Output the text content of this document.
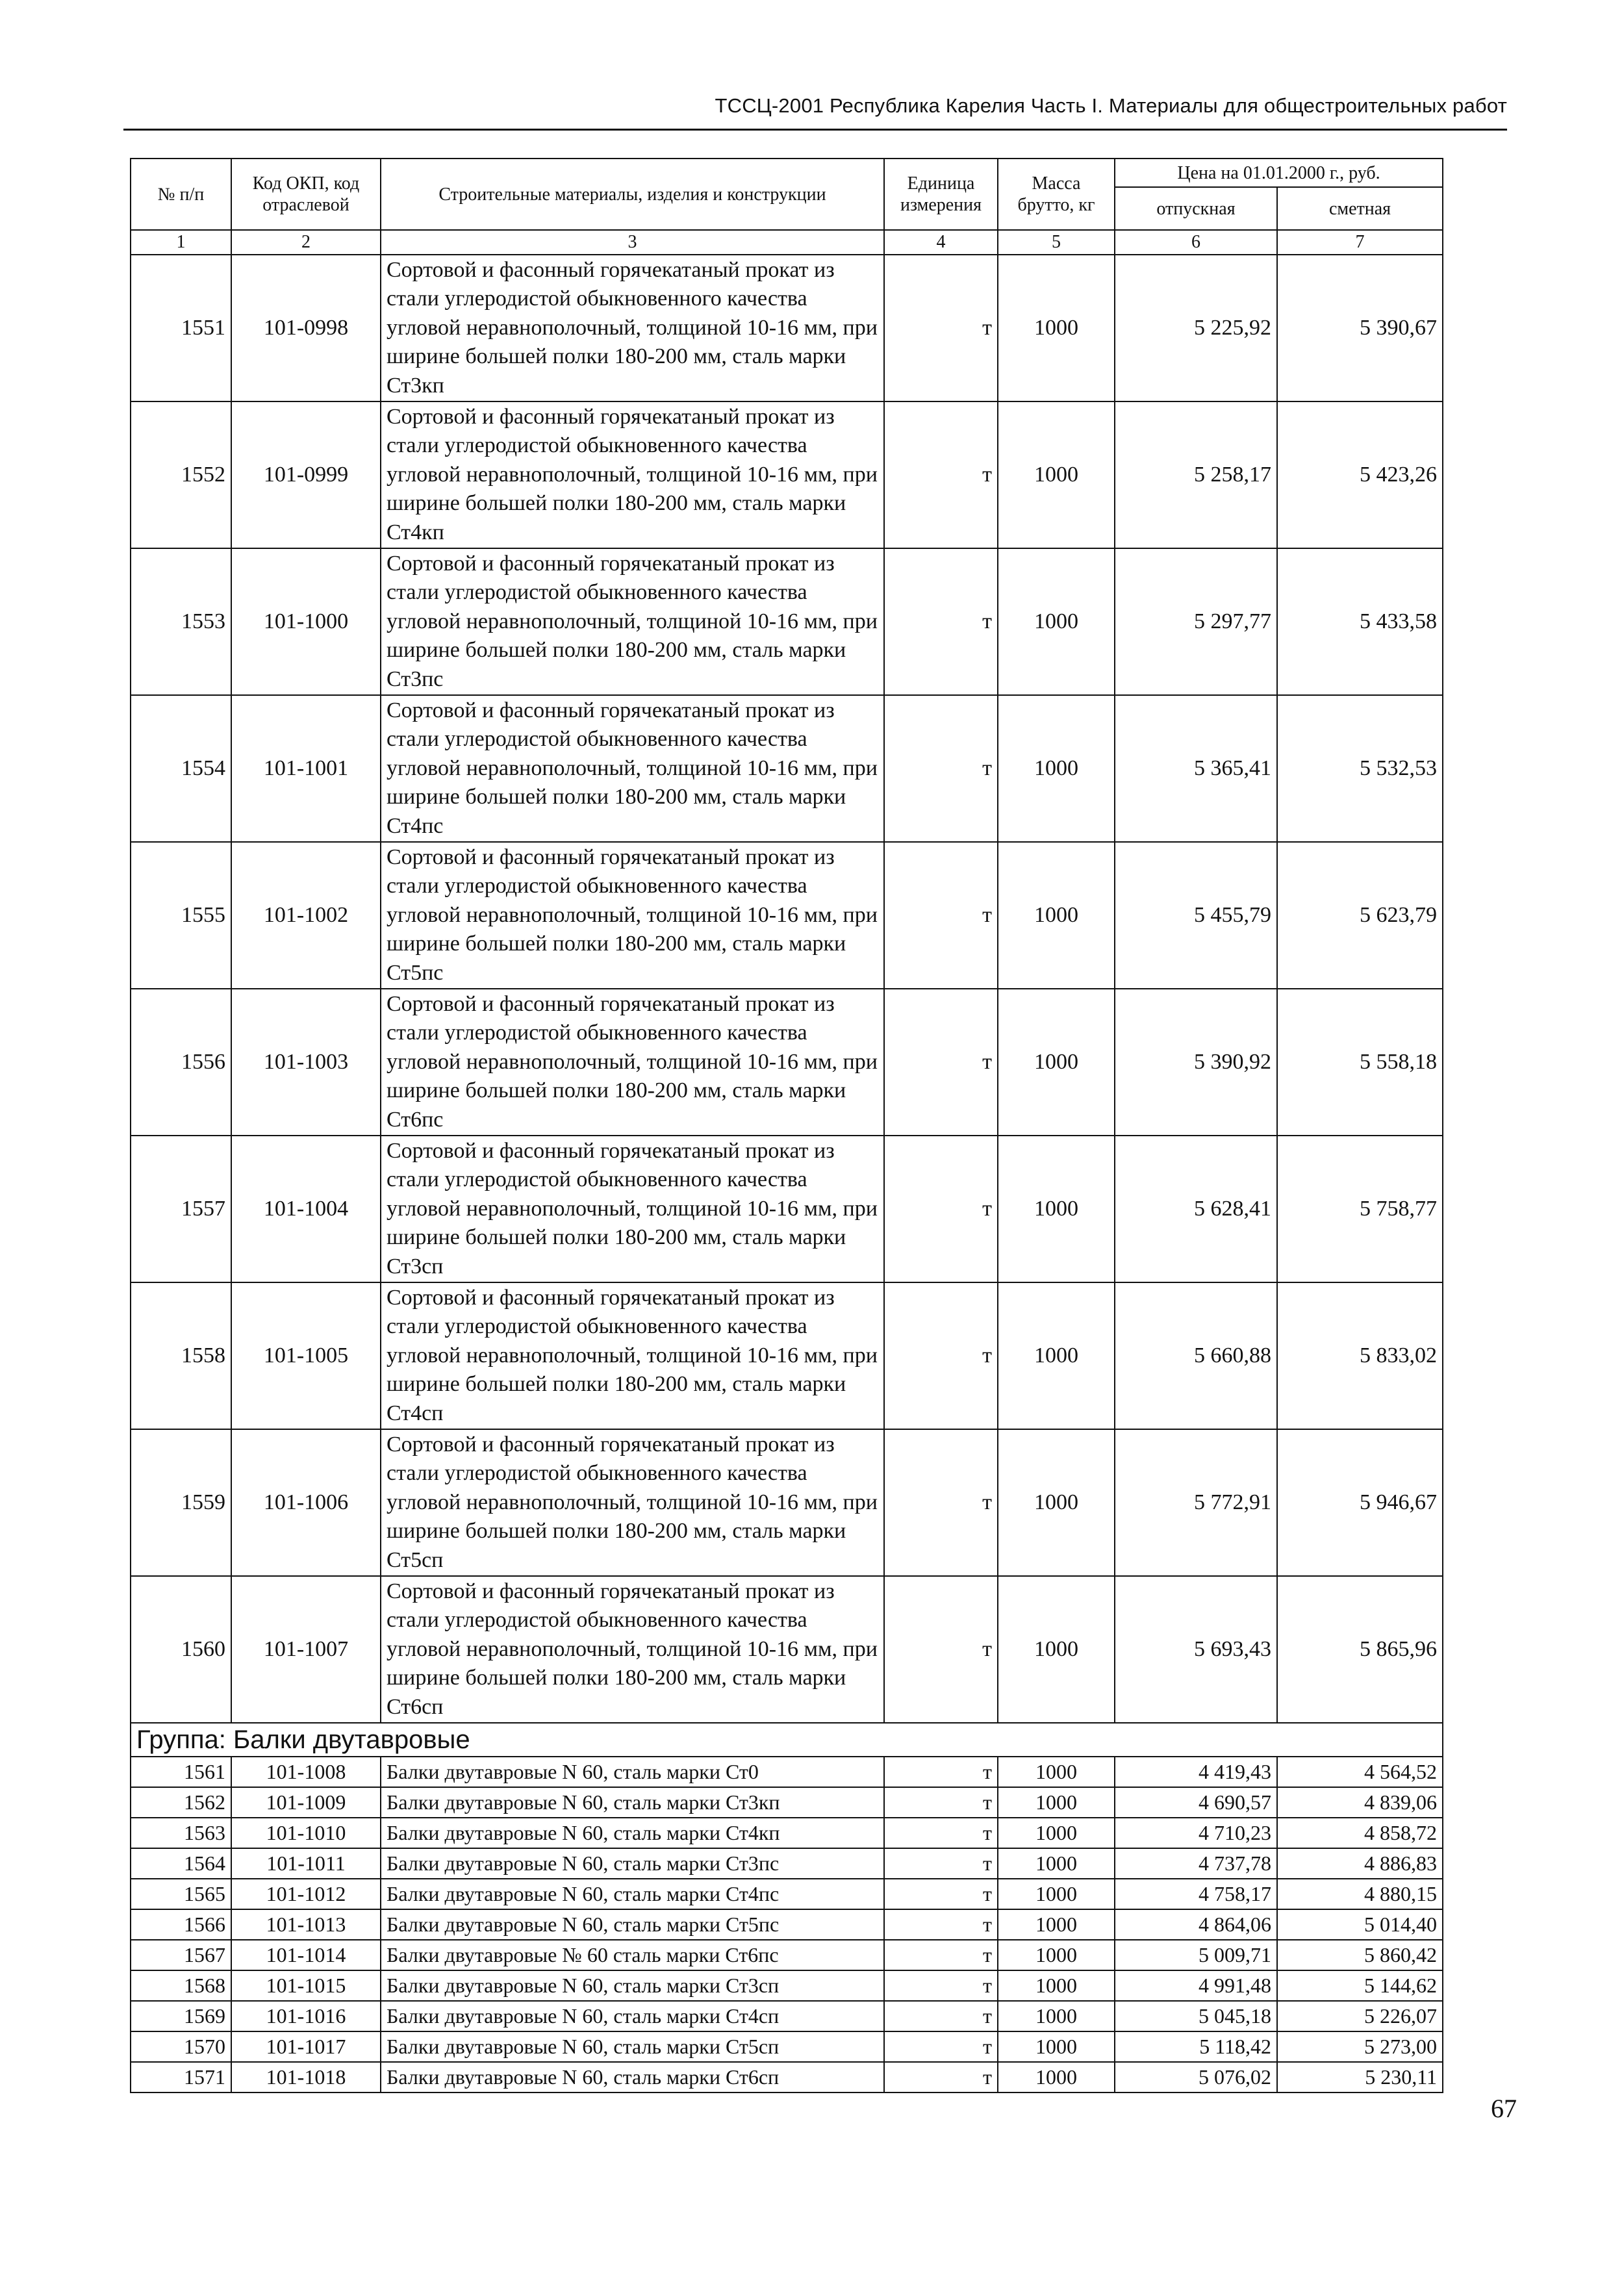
ТССЦ-2001 Республика Карелия Часть I. Материалы для общестроительных работ
№ п/п	Код ОКП, код отраслевой	Строительные материалы, изделия и конструкции	Единица измерения	Масса брутто, кг	Цена на 01.01.2000 г., руб.	
					отпускная	сметная
1	2	3	4	5	6	7
1551	101-0998	Сортовой и фасонный горячекатаный прокат из стали углеродистой обыкновенного качества угловой неравнополочный, толщиной 10-16 мм, при ширине большей полки 180-200 мм, сталь марки Ст3кп	т	1000	5 225,92	5 390,67
1552	101-0999	Сортовой и фасонный горячекатаный прокат из стали углеродистой обыкновенного качества угловой неравнополочный, толщиной 10-16 мм, при ширине большей полки 180-200 мм, сталь марки Ст4кп	т	1000	5 258,17	5 423,26
1553	101-1000	Сортовой и фасонный горячекатаный прокат из стали углеродистой обыкновенного качества угловой неравнополочный, толщиной 10-16 мм, при ширине большей полки 180-200 мм, сталь марки Ст3пс	т	1000	5 297,77	5 433,58
1554	101-1001	Сортовой и фасонный горячекатаный прокат из стали углеродистой обыкновенного качества угловой неравнополочный, толщиной 10-16 мм, при ширине большей полки 180-200 мм, сталь марки Ст4пс	т	1000	5 365,41	5 532,53
1555	101-1002	Сортовой и фасонный горячекатаный прокат из стали углеродистой обыкновенного качества угловой неравнополочный, толщиной 10-16 мм, при ширине большей полки 180-200 мм, сталь марки Ст5пс	т	1000	5 455,79	5 623,79
1556	101-1003	Сортовой и фасонный горячекатаный прокат из стали углеродистой обыкновенного качества угловой неравнополочный, толщиной 10-16 мм, при ширине большей полки 180-200 мм, сталь марки Ст6пс	т	1000	5 390,92	5 558,18
1557	101-1004	Сортовой и фасонный горячекатаный прокат из стали углеродистой обыкновенного качества угловой неравнополочный, толщиной 10-16 мм, при ширине большей полки 180-200 мм, сталь марки Ст3сп	т	1000	5 628,41	5 758,77
1558	101-1005	Сортовой и фасонный горячекатаный прокат из стали углеродистой обыкновенного качества угловой неравнополочный, толщиной 10-16 мм, при ширине большей полки 180-200 мм, сталь марки Ст4сп	т	1000	5 660,88	5 833,02
1559	101-1006	Сортовой и фасонный горячекатаный прокат из стали углеродистой обыкновенного качества угловой неравнополочный, толщиной 10-16 мм, при ширине большей полки 180-200 мм, сталь марки Ст5сп	т	1000	5 772,91	5 946,67
1560	101-1007	Сортовой и фасонный горячекатаный прокат из стали углеродистой обыкновенного качества угловой неравнополочный, толщиной 10-16 мм, при ширине большей полки 180-200 мм, сталь марки Ст6сп	т	1000	5 693,43	5 865,96
Группа: Балки двутавровые						
1561	101-1008	Балки двутавровые N 60, сталь марки Ст0	т	1000	4 419,43	4 564,52
1562	101-1009	Балки двутавровые N 60, сталь марки Ст3кп	т	1000	4 690,57	4 839,06
1563	101-1010	Балки двутавровые N 60, сталь марки Ст4кп	т	1000	4 710,23	4 858,72
1564	101-1011	Балки двутавровые N 60, сталь марки Ст3пс	т	1000	4 737,78	4 886,83
1565	101-1012	Балки двутавровые N 60, сталь марки Ст4пс	т	1000	4 758,17	4 880,15
1566	101-1013	Балки двутавровые N 60, сталь марки Ст5пс	т	1000	4 864,06	5 014,40
1567	101-1014	Балки двутавровые № 60 сталь марки Ст6пс	т	1000	5 009,71	5 860,42
1568	101-1015	Балки двутавровые N 60, сталь марки Ст3сп	т	1000	4 991,48	5 144,62
1569	101-1016	Балки двутавровые N 60, сталь марки Ст4сп	т	1000	5 045,18	5 226,07
1570	101-1017	Балки двутавровые N 60, сталь марки Ст5сп	т	1000	5 118,42	5 273,00
1571	101-1018	Балки двутавровые N 60, сталь марки Ст6сп	т	1000	5 076,02	5 230,11
67
